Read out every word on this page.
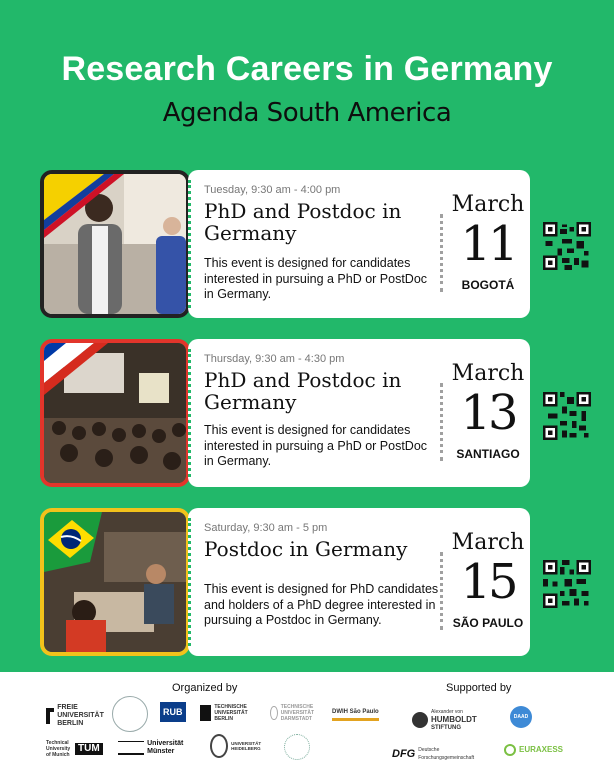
Research Careers in Germany
Agenda South America
Tuesday, 9:30 am - 4:00 pm
PhD and Postdoc in Germany
This event is designed for candidates interested in pursuing a PhD or PostDoc in Germany.
March
11
BOGOTÁ
Thursday, 9:30 am - 4:30 pm
PhD and Postdoc in Germany
This event is designed for candidates interested in pursuing a PhD or PostDoc in Germany.
March
13
SANTIAGO
Saturday, 9:30 am - 5 pm
Postdoc in Germany
This event is designed for PhD candidates and holders of a PhD degree interested in pursuing a Postdoc in Germany.
March
15
SÃO PAULO
Organized by	Supported by
FREIE UNIVERSITÄT BERLIN
RUB	TECHNISCHE UNIVERSITÄT BERLIN
TECHNISCHE UNIVERSITÄT DARMSTADT
DWIH São Paulo
Technical University of Munich
TUM	Universität Münster
UNIVERSITÄT HEIDELBERG
Alexander von
HUMBOLDT
STIFTUNG
DAAD
DFG Deutsche Forschungsgemeinschaft
EURAXESS
